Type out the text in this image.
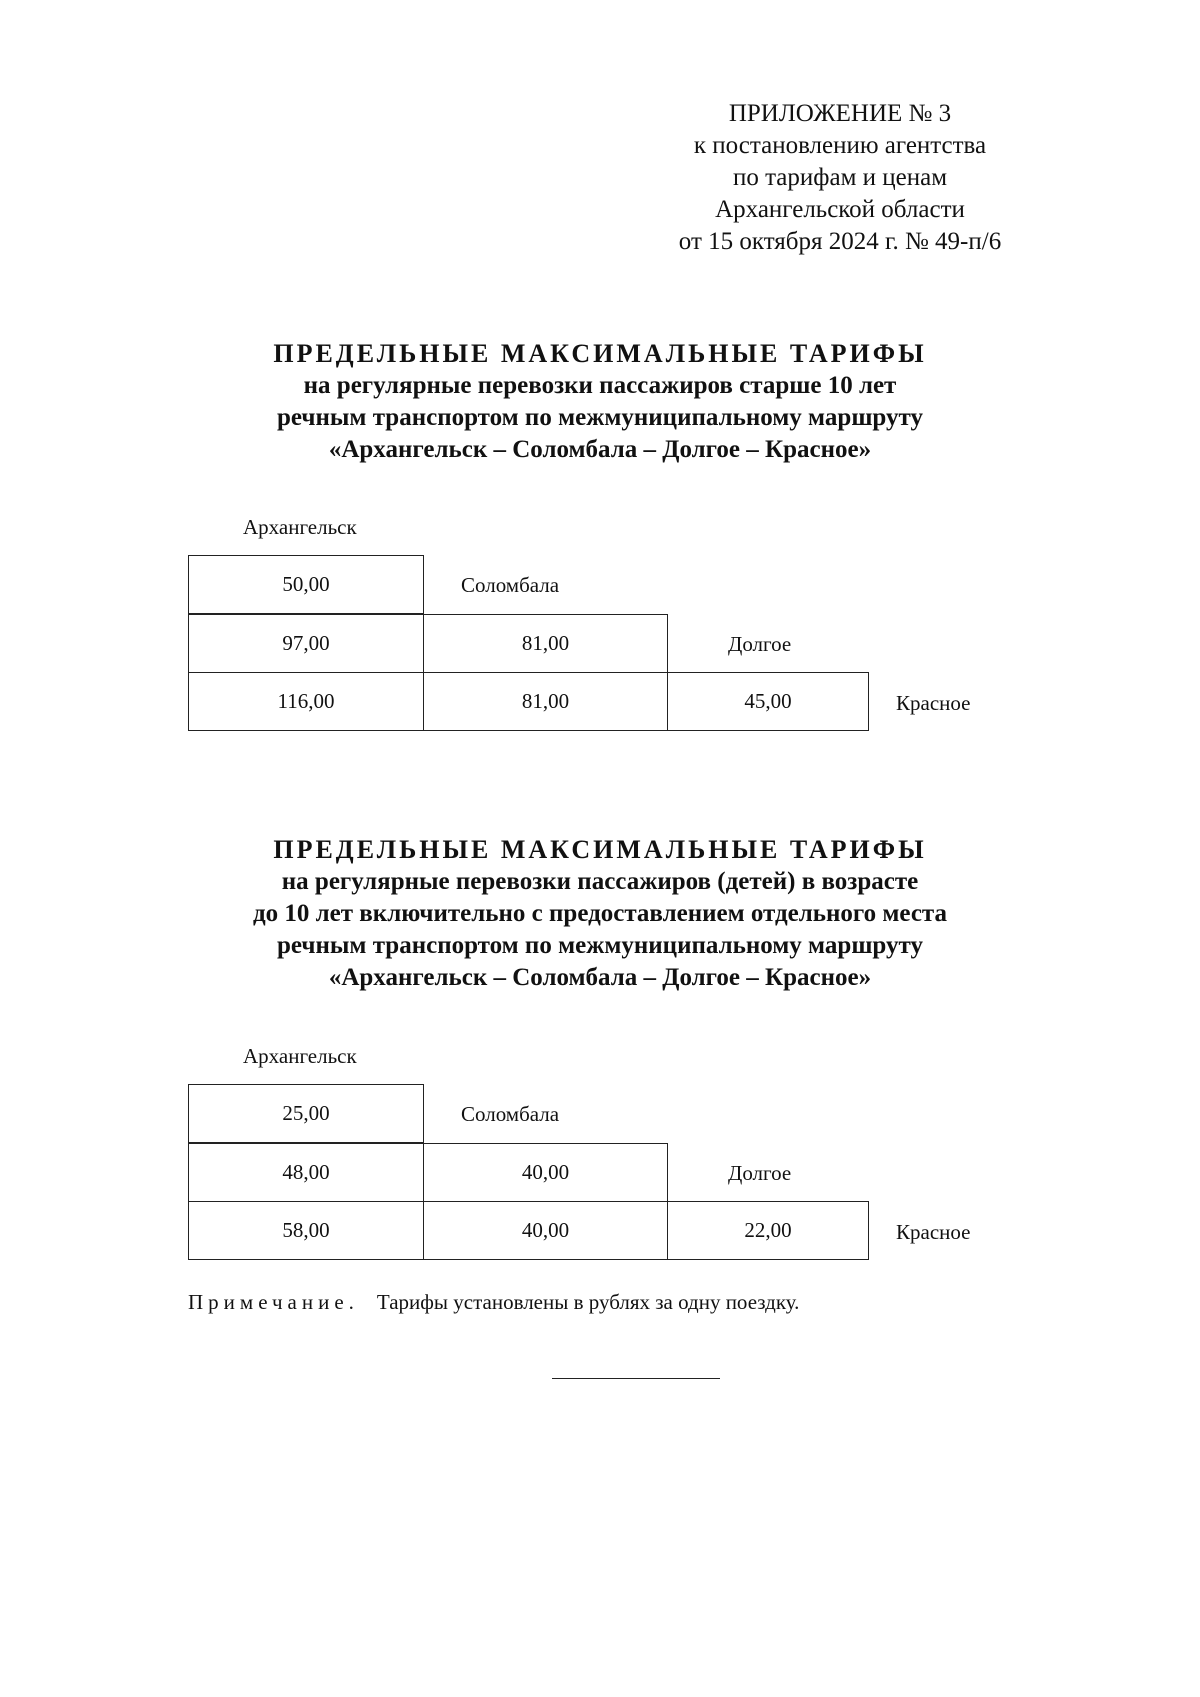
ПРИЛОЖЕНИЕ № 3
к постановлению агентства
по тарифам и ценам
Архангельской области
от 15 октября 2024 г. № 49-п/6
ПРЕДЕЛЬНЫЕ МАКСИМАЛЬНЫЕ ТАРИФЫ
на регулярные перевозки пассажиров старше 10 лет
речным транспортом по межмуниципальному маршруту
«Архангельск – Соломбала – Долгое – Красное»
Архангельск
50,00	Соломбала
97,00	81,00	Долгое
116,00	81,00	45,00	Красное
ПРЕДЕЛЬНЫЕ МАКСИМАЛЬНЫЕ ТАРИФЫ
на регулярные перевозки пассажиров (детей) в возрасте
до 10 лет включительно с предоставлением отдельного места
речным транспортом по межмуниципальному маршруту
«Архангельск – Соломбала – Долгое – Красное»
Архангельск
25,00	Соломбала
48,00	40,00	Долгое
58,00	40,00	22,00	Красное
Примечание. Тарифы установлены в рублях за одну поездку.
